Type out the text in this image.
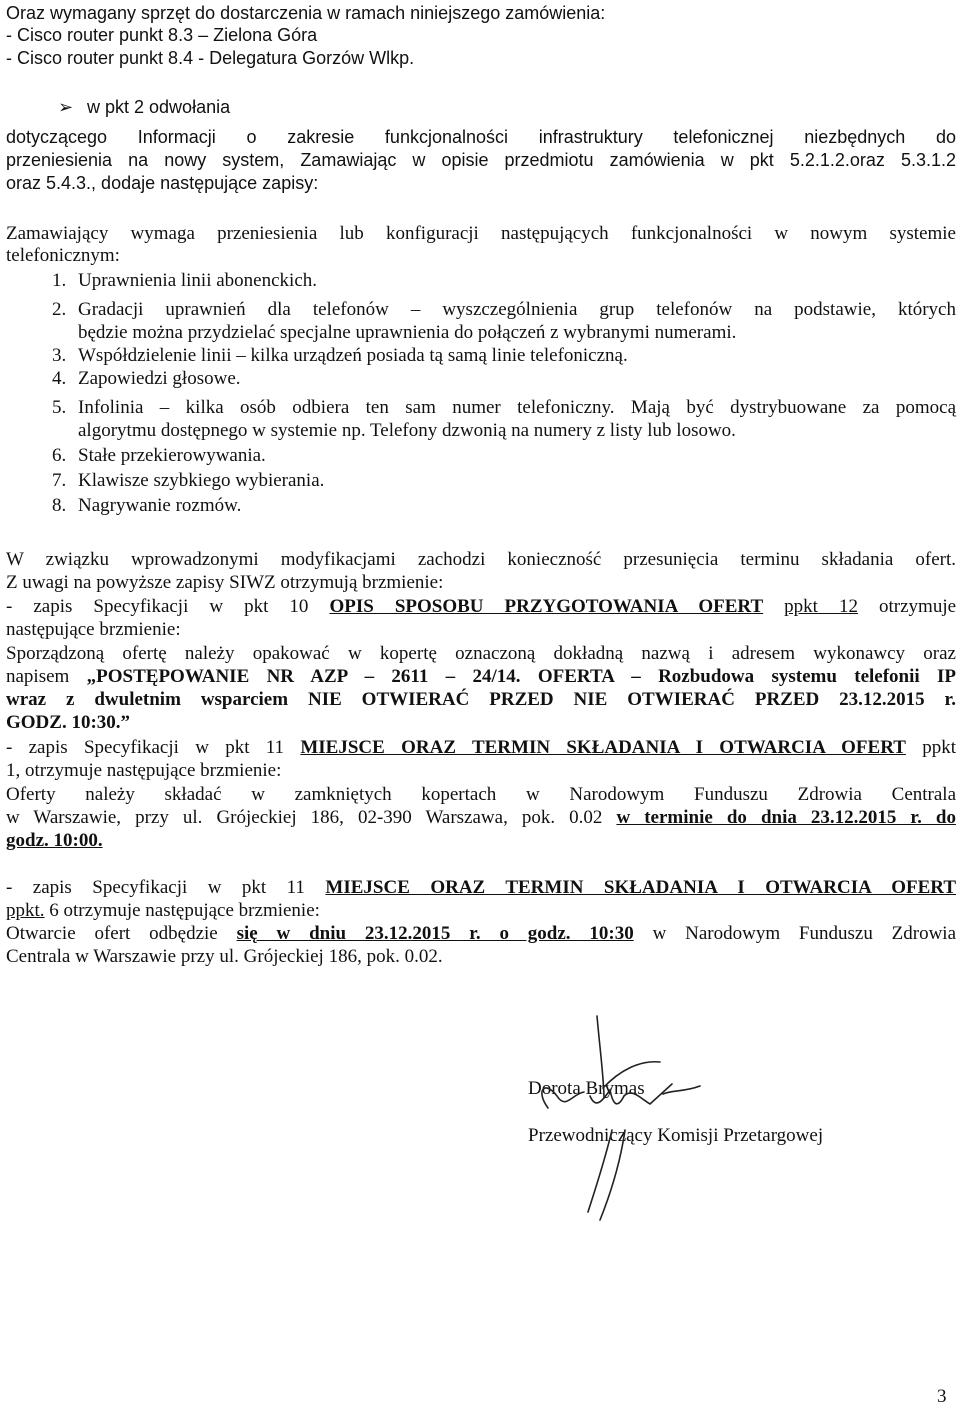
Oraz wymagany sprzęt do dostarczenia w ramach niniejszego zamówienia:
- Cisco router punkt 8.3 – Zielona Góra
- Cisco router punkt 8.4 - Delegatura Gorzów Wlkp.
➢ w pkt 2 odwołania
dotyczącego Informacji o zakresie funkcjonalności infrastruktury telefonicznej niezbędnych do
przeniesienia na nowy system, Zamawiając w opisie przedmiotu zamówienia w pkt 5.2.1.2.oraz 5.3.1.2
oraz 5.4.3., dodaje następujące zapisy:
Zamawiający wymaga przeniesienia lub konfiguracji następujących funkcjonalności w nowym systemie
telefonicznym:
1. Uprawnienia linii abonenckich.
2. Gradacji uprawnień dla telefonów – wyszczególnienia grup telefonów na podstawie, których
będzie można przydzielać specjalne uprawnienia do połączeń z wybranymi numerami.
3. Współdzielenie linii – kilka urządzeń posiada tą samą linie telefoniczną.
4. Zapowiedzi głosowe.
5. Infolinia – kilka osób odbiera ten sam numer telefoniczny. Mają być dystrybuowane za pomocą
algorytmu dostępnego w systemie np. Telefony dzwonią na numery z listy lub losowo.
6. Stałe przekierowywania.
7. Klawisze szybkiego wybierania.
8. Nagrywanie rozmów.
W związku wprowadzonymi modyfikacjami zachodzi konieczność przesunięcia terminu składania ofert.
Z uwagi na powyższe zapisy SIWZ otrzymują brzmienie:
- zapis Specyfikacji w pkt 10 OPIS SPOSOBU PRZYGOTOWANIA OFERT ppkt 12 otrzymuje
następujące brzmienie:
Sporządzoną ofertę należy opakować w kopertę oznaczoną dokładną nazwą i adresem wykonawcy oraz
napisem „POSTĘPOWANIE NR AZP – 2611 – 24/14. OFERTA – Rozbudowa systemu telefonii IP
wraz z dwuletnim wsparciem NIE OTWIERAĆ PRZED NIE OTWIERAĆ PRZED 23.12.2015 r.
GODZ. 10:30.”
- zapis Specyfikacji w pkt 11 MIEJSCE ORAZ TERMIN SKŁADANIA I OTWARCIA OFERT ppkt
1, otrzymuje następujące brzmienie:
Oferty należy składać w zamkniętych kopertach w Narodowym Funduszu Zdrowia Centrala
w Warszawie, przy ul. Grójeckiej 186, 02-390 Warszawa, pok. 0.02 w terminie do dnia 23.12.2015 r. do
godz. 10:00.
- zapis Specyfikacji w pkt 11 MIEJSCE ORAZ TERMIN SKŁADANIA I OTWARCIA OFERT
ppkt. 6 otrzymuje następujące brzmienie:
Otwarcie ofert odbędzie się w dniu 23.12.2015 r. o godz. 10:30 w Narodowym Funduszu Zdrowia
Centrala w Warszawie przy ul. Grójeckiej 186, pok. 0.02.
Dorota Brymas
Przewodniczący Komisji Przetargowej
3
